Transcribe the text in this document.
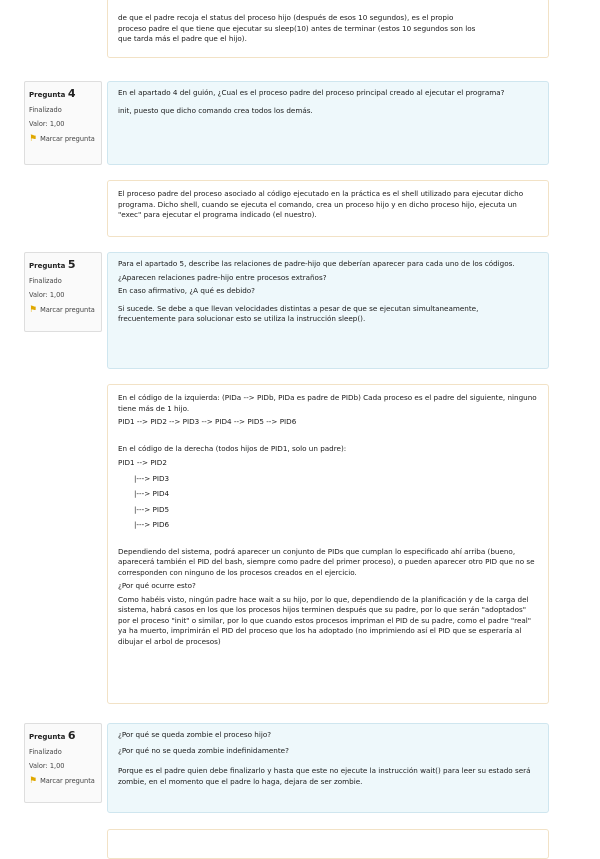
de que el padre recoja el status del proceso hijo (después de esos 10 segundos), es el propio

proceso padre el que tiene que ejecutar su sleep(10) antes de terminar (estos 10 segundos son los

que tarda más el padre que el hijo).

Pregunta 4
Finalizado
Valor: 1,00
⚑ Marcar pregunta

En el apartado 4 del guión, ¿Cual es el proceso padre del proceso principal creado al ejecutar el programa?

init, puesto que dicho comando crea todos los demás.

El proceso padre del proceso asociado al código ejecutado en la práctica es el shell utilizado para ejecutar dicho programa. Dicho shell, cuando se ejecuta el comando, crea un proceso hijo y en dicho proceso hijo, ejecuta un "exec" para ejecutar el programa indicado (el nuestro).

Pregunta 5
Finalizado
Valor: 1,00
⚑ Marcar pregunta

Para el apartado 5, describe las relaciones de padre-hijo que deberían aparecer para cada uno de los códigos.

¿Aparecen relaciones padre-hijo entre procesos extraños?

En caso afirmativo, ¿A qué es debido?

Si sucede. Se debe a que llevan velocidades distintas a pesar de que se ejecutan simultaneamente, frecuentemente para solucionar esto se utiliza la instrucción sleep().

En el código de la izquierda: (PIDa --> PIDb, PIDa es padre de PIDb) Cada proceso es el padre del siguiente, ninguno tiene más de 1 hijo.

PID1 --> PID2 --> PID3 --> PID4 --> PID5 --> PID6

En el código de la derecha (todos hijos de PID1, solo un padre):

PID1 --> PID2

|---> PID3

|---> PID4

|---> PID5

|---> PID6

Dependiendo del sistema, podrá aparecer un conjunto de PIDs que cumplan lo especificado ahí arriba (bueno, aparecerá también el PID del bash, siempre como padre del primer proceso), o pueden aparecer otro PID que no se corresponden con ninguno de los procesos creados en el ejercicio.

¿Por qué ocurre esto?

Como habéis visto, ningún padre hace wait a su hijo, por lo que, dependiendo de la planificación y de la carga del sistema, habrá casos en los que los procesos hijos terminen después que su padre, por lo que serán "adoptados" por el proceso "init" o similar, por lo que cuando estos procesos impriman el PID de su padre, como el padre "real" ya ha muerto, imprimirán el PID del proceso que los ha adoptado (no imprimiendo así el PID que se esperaría al dibujar el arbol de procesos)

Pregunta 6
Finalizado
Valor: 1,00
⚑ Marcar pregunta

¿Por qué se queda zombie el proceso hijo?

¿Por qué no se queda zombie indefinidamente?

Porque es el padre quien debe finalizarlo y hasta que este no ejecute la instrucción wait() para leer su estado será zombie, en el momento que el padre lo haga, dejara de ser zombie.
